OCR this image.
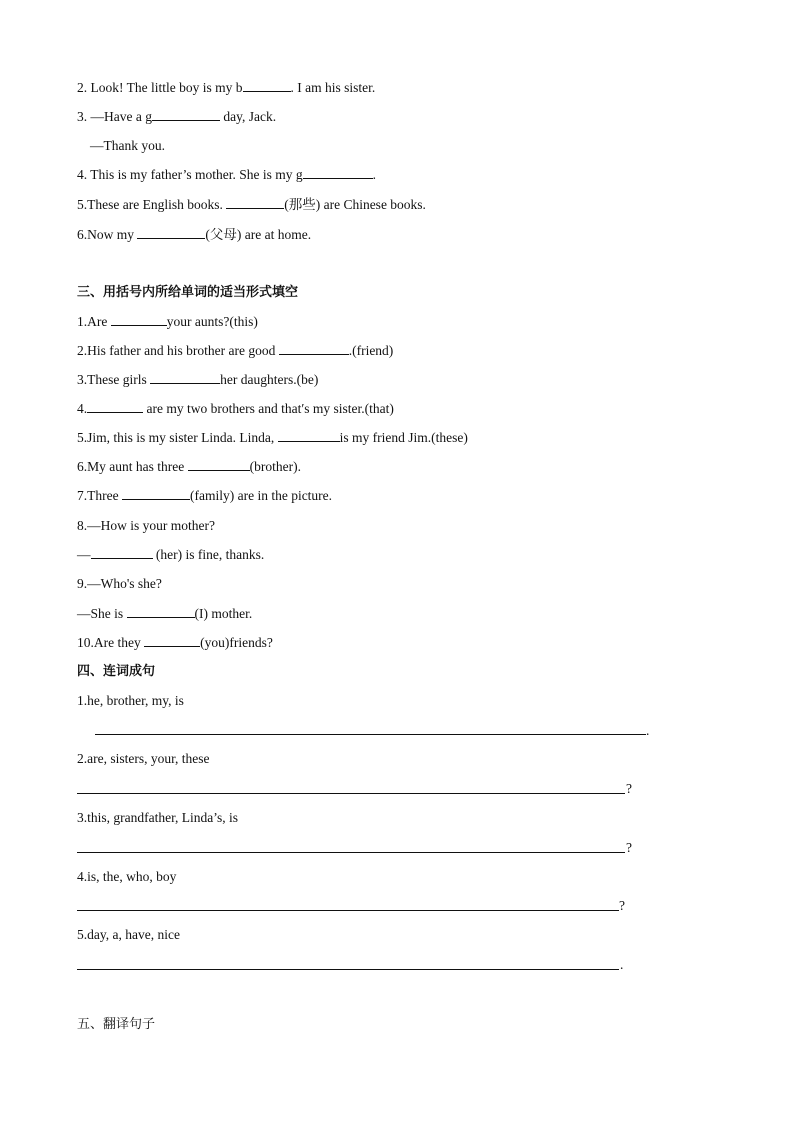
2. Look! The little boy is my b	. I am his sister.
3. —Have a g	day, Jack.
—Thank you.
4. This is my father’s mother. She is my g	.
5.These are English books.	(那些) are Chinese books.
6.Now my	(父母) are at home.
三、用括号内所给单词的适当形式填空
1.Are	your aunts?(this)
2.His father and his brother are good	.(friend)
3.These girls	her daughters.(be)
4.	are my two brothers and that′s my sister.(that)
5.Jim, this is my sister Linda. Linda,	is my friend Jim.(these)
6.My aunt has three	(brother).
7.Three	(family) are in the picture.
8.—How is your mother?
—	(her) is fine, thanks.
9.—Who's she?
—She is	(I) mother.
10.Are they	(you)friends?
四、连词成句
1.he, brother, my, is
.
2.are, sisters, your, these
?
3.this, grandfather, Linda’s, is
?
4.is, the, who, boy
?
5.day, a, have, nice
.
五、翻译句子
